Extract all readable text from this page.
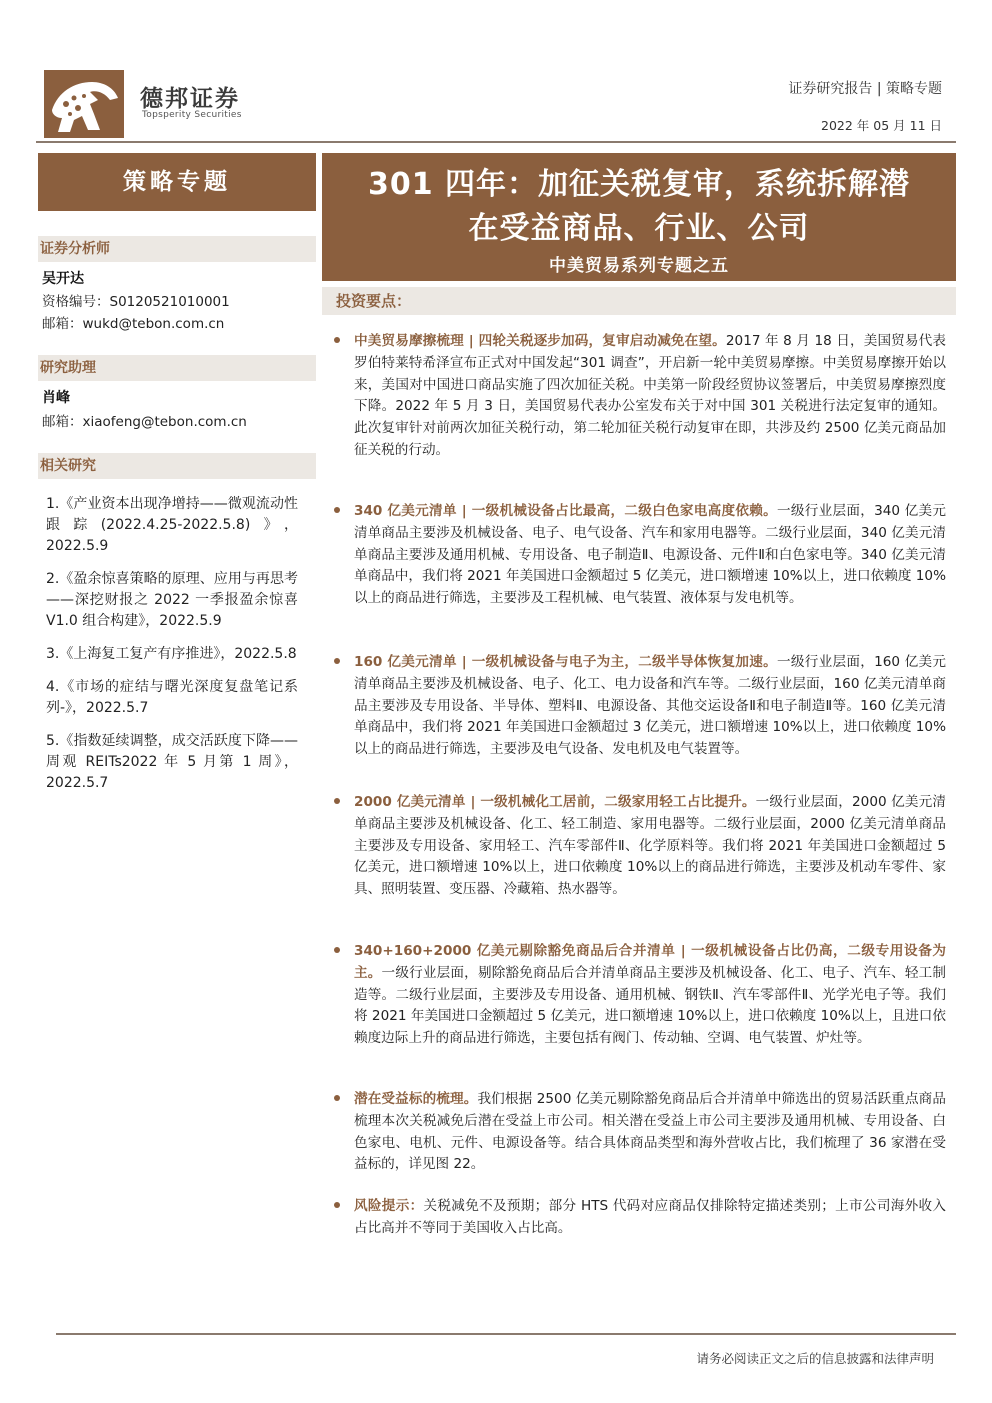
德邦证券
Topsperity Securities
证券研究报告 | 策略专题
2022 年 05 月 11 日
策略专题
证券分析师
吴开达
资格编号：S0120521010001
邮箱：wukd@tebon.com.cn
研究助理
肖峰
邮箱：xiaofeng@tebon.com.cn
相关研究
1.《产业资本出现净增持——微观流动性跟踪(2022.4.25-2022.5.8)》，2022.5.9
2.《盈余惊喜策略的原理、应用与再思考——深挖财报之 2022 一季报盈余惊喜 V1.0 组合构建》，2022.5.9
3.《上海复工复产有序推进》，2022.5.8
4.《市场的症结与曙光深度复盘笔记系列-》，2022.5.7
5.《指数延续调整，成交活跃度下降——周观 REITs2022 年 5 月第 1 周》，2022.5.7
301 四年：加征关税复审，系统拆解潜
在受益商品、行业、公司
中美贸易系列专题之五
投资要点：

中美贸易摩擦梳理 | 四轮关税逐步加码，复审启动减免在望。2017 年 8 月 18 日，美国贸易代表罗伯特莱特希泽宣布正式对中国发起“301 调查”，开启新一轮中美贸易摩擦。中美贸易摩擦开始以来，美国对中国进口商品实施了四次加征关税。中美第一阶段经贸协议签署后，中美贸易摩擦烈度下降。2022 年 5 月 3 日，美国贸易代表办公室发布关于对中国 301 关税进行法定复审的通知。此次复审针对前两次加征关税行动，第二轮加征关税行动复审在即，共涉及约 2500 亿美元商品加征关税的行动。

340 亿美元清单 | 一级机械设备占比最高，二级白色家电高度依赖。一级行业层面，340 亿美元清单商品主要涉及机械设备、电子、电气设备、汽车和家用电器等。二级行业层面，340 亿美元清单商品主要涉及通用机械、专用设备、电子制造Ⅱ、电源设备、元件Ⅱ和白色家电等。340 亿美元清单商品中，我们将 2021 年美国进口金额超过 5 亿美元，进口额增速 10%以上，进口依赖度 10%以上的商品进行筛选，主要涉及工程机械、电气装置、液体泵与发电机等。

160 亿美元清单 | 一级机械设备与电子为主，二级半导体恢复加速。一级行业层面，160 亿美元清单商品主要涉及机械设备、电子、化工、电力设备和汽车等。二级行业层面，160 亿美元清单商品主要涉及专用设备、半导体、塑料Ⅱ、电源设备、其他交运设备Ⅱ和电子制造Ⅱ等。160 亿美元清单商品中，我们将 2021 年美国进口金额超过 3 亿美元，进口额增速 10%以上，进口依赖度 10%以上的商品进行筛选，主要涉及电气设备、发电机及电气装置等。

2000 亿美元清单 | 一级机械化工居前，二级家用轻工占比提升。一级行业层面，2000 亿美元清单商品主要涉及机械设备、化工、轻工制造、家用电器等。二级行业层面，2000 亿美元清单商品主要涉及专用设备、家用轻工、汽车零部件Ⅱ、化学原料等。我们将 2021 年美国进口金额超过 5 亿美元，进口额增速 10%以上，进口依赖度 10%以上的商品进行筛选，主要涉及机动车零件、家具、照明装置、变压器、冷藏箱、热水器等。

340+160+2000 亿美元剔除豁免商品后合并清单 | 一级机械设备占比仍高，二级专用设备为主。一级行业层面，剔除豁免商品后合并清单商品主要涉及机械设备、化工、电子、汽车、轻工制造等。二级行业层面，主要涉及专用设备、通用机械、钢铁Ⅱ、汽车零部件Ⅱ、光学光电子等。我们将 2021 年美国进口金额超过 5 亿美元，进口额增速 10%以上，进口依赖度 10%以上，且进口依赖度边际上升的商品进行筛选，主要包括有阀门、传动轴、空调、电气装置、炉灶等。

潜在受益标的梳理。我们根据 2500 亿美元剔除豁免商品后合并清单中筛选出的贸易活跃重点商品梳理本次关税减免后潜在受益上市公司。相关潜在受益上市公司主要涉及通用机械、专用设备、白色家电、电机、元件、电源设备等。结合具体商品类型和海外营收占比，我们梳理了 36 家潜在受益标的，详见图 22。

风险提示：关税减免不及预期；部分 HTS 代码对应商品仅排除特定描述类别；上市公司海外收入占比高并不等同于美国收入占比高。

请务必阅读正文之后的信息披露和法律声明
